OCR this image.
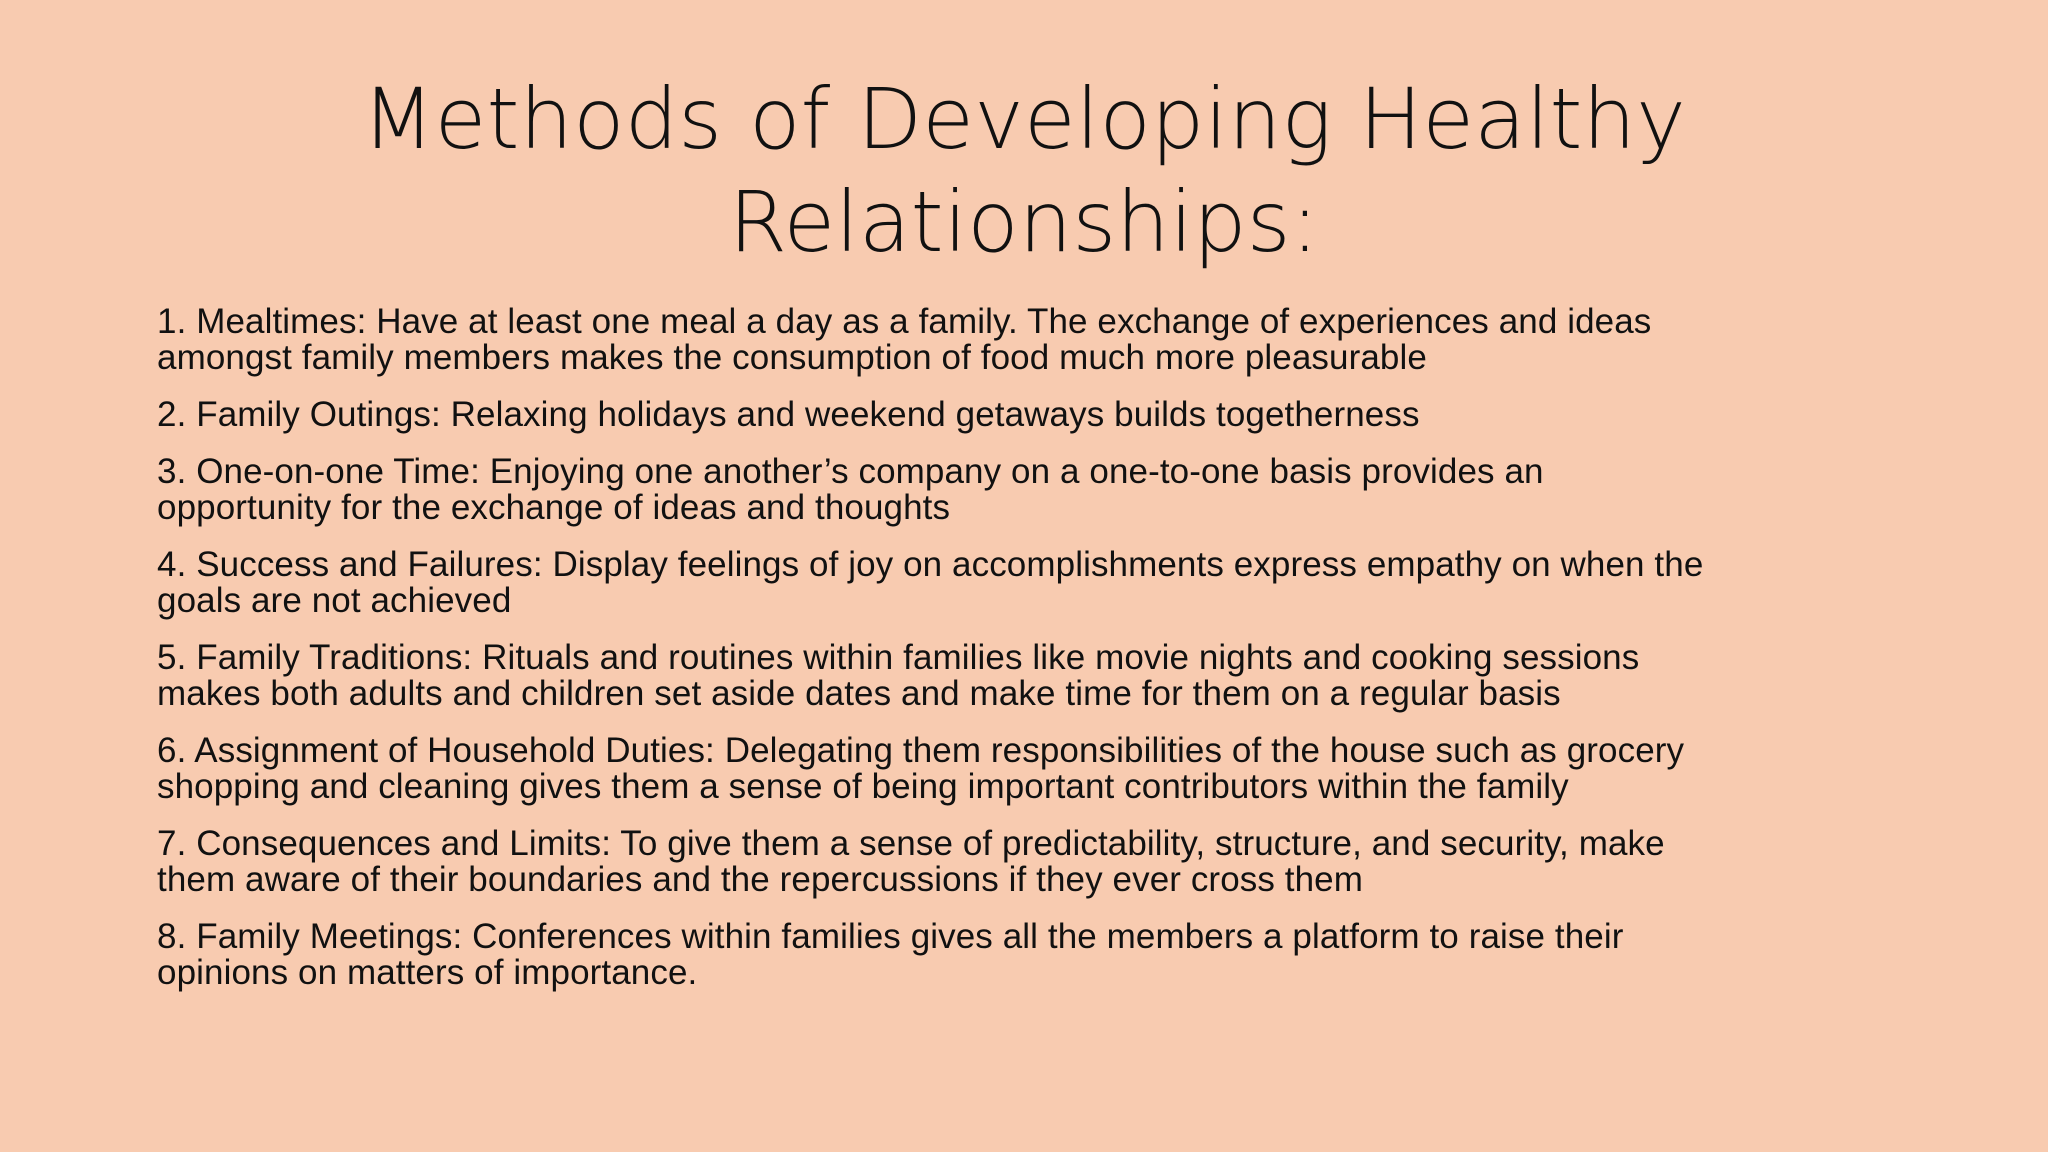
Methods of Developing Healthy
Relationships:
1. Mealtimes: Have at least one meal a day as a family. The exchange of experiences and ideas
amongst family members makes the consumption of food much more pleasurable
2. Family Outings: Relaxing holidays and weekend getaways builds togetherness
3. One-on-one Time: Enjoying one another’s company on a one-to-one basis provides an
opportunity for the exchange of ideas and thoughts
4. Success and Failures: Display feelings of joy on accomplishments express empathy on when the
goals are not achieved
5. Family Traditions: Rituals and routines within families like movie nights and cooking sessions
makes both adults and children set aside dates and make time for them on a regular basis
6. Assignment of Household Duties: Delegating them responsibilities of the house such as grocery
shopping and cleaning gives them a sense of being important contributors within the family
7. Consequences and Limits: To give them a sense of predictability, structure, and security, make
them aware of their boundaries and the repercussions if they ever cross them
8. Family Meetings: Conferences within families gives all the members a platform to raise their
opinions on matters of importance.
